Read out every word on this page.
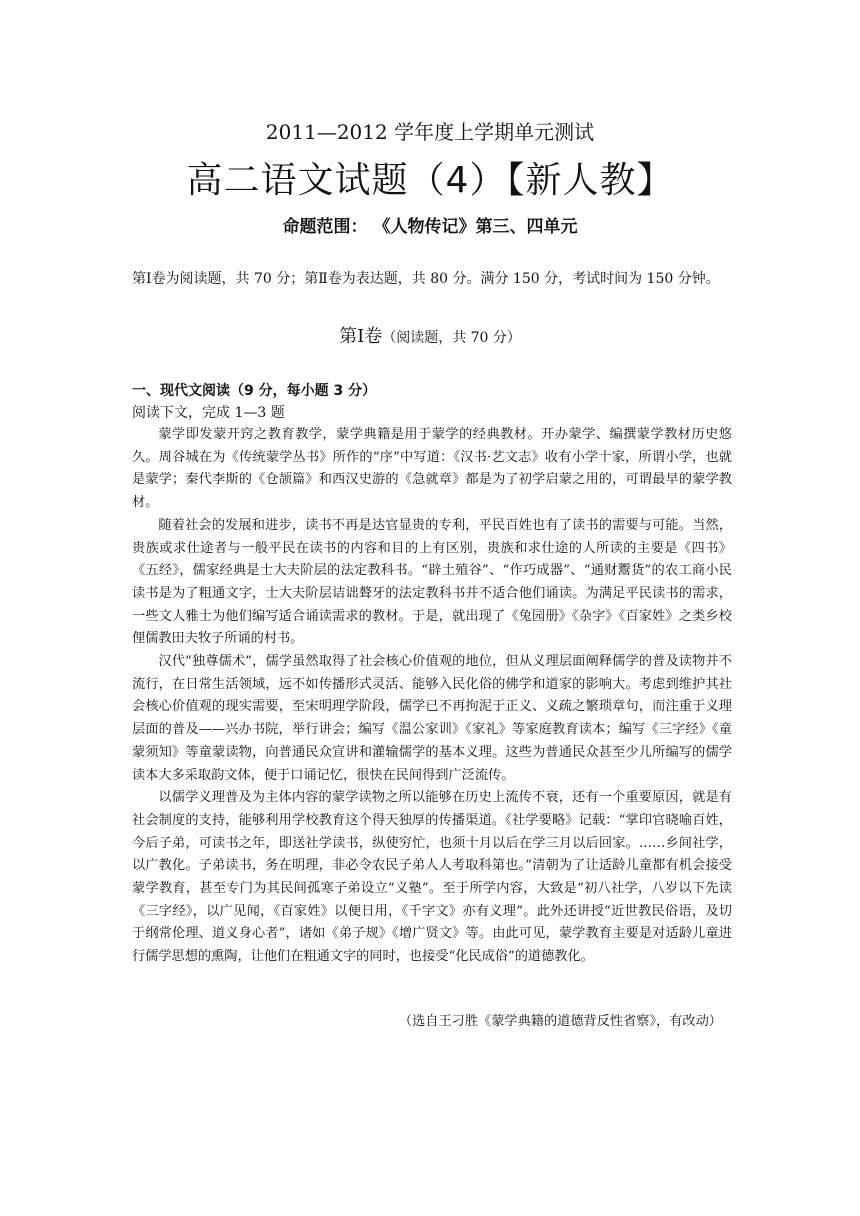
2011—2012 学年度上学期单元测试
高二语文试题（4）【新人教】
命题范围： 《人物传记》第三、四单元
第Ⅰ卷为阅读题，共 70 分；第Ⅱ卷为表达题，共 80 分。满分 150 分，考试时间为 150 分钟。
第Ⅰ卷（阅读题，共 70 分）
一、现代文阅读（9 分，每小题 3 分）
阅读下文，完成 1—3 题

蒙学即发蒙开窍之教育教学，蒙学典籍是用于蒙学的经典教材。开办蒙学、编撰蒙学教材历史悠久。周谷城在为《传统蒙学丛书》所作的“序”中写道：《汉书·艺文志》收有小学十家，所谓小学，也就是蒙学；秦代李斯的《仓颉篇》和西汉史游的《急就章》都是为了初学启蒙之用的，可谓最早的蒙学教材。

随着社会的发展和进步，读书不再是达官显贵的专利，平民百姓也有了读书的需要与可能。当然，贵族或求仕途者与一般平民在读书的内容和目的上有区别，贵族和求仕途的人所读的主要是《四书》《五经》，儒家经典是士大夫阶层的法定教科书。“辟土殖谷”、“作巧成器”、“通财鬻货”的农工商小民读书是为了粗通文字，士大夫阶层诘诎聱牙的法定教科书并不适合他们诵读。为满足平民读书的需求，一些文人雅士为他们编写适合诵读需求的教材。于是，就出现了《兔园册》《杂字》《百家姓》之类乡校俚儒教田夫牧子所诵的村书。

汉代“独尊儒术”，儒学虽然取得了社会核心价值观的地位，但从义理层面阐释儒学的普及读物并不流行，在日常生活领域，远不如传播形式灵活、能够入民化俗的佛学和道家的影响大。考虑到维护其社会核心价值观的现实需要，至宋明理学阶段，儒学已不再拘泥于正义、义疏之繁琐章句，而注重于义理层面的普及——兴办书院，举行讲会；编写《温公家训》《家礼》等家庭教育读本；编写《三字经》《童蒙须知》等童蒙读物，向普通民众宣讲和灌输儒学的基本义理。这些为普通民众甚至少儿所编写的儒学读本大多采取韵文体，便于口诵记忆，很快在民间得到广泛流传。

以儒学义理普及为主体内容的蒙学读物之所以能够在历史上流传不衰，还有一个重要原因，就是有社会制度的支持，能够利用学校教育这个得天独厚的传播渠道。《社学要略》记载：“掌印官晓喻百姓，今后子弟，可读书之年，即送社学读书，纵使穷忙，也须十月以后在学三月以后回家。……乡间社学，以广教化。子弟读书，务在明理，非必令农民子弟人人考取科第也。”清朝为了让适龄儿童都有机会接受蒙学教育，甚至专门为其民间孤寒子弟设立“义塾”。至于所学内容，大致是“初八社学，八岁以下先读《三字经》，以广见闻，《百家姓》以便日用，《千字文》亦有义理”。此外还讲授“近世教民俗语，及切于纲常伦理、道义身心者”，诸如《弟子规》《增广贤文》等。由此可见，蒙学教育主要是对适龄儿童进行儒学思想的熏陶，让他们在粗通文字的同时，也接受“化民成俗”的道德教化。

（选自王刁胜《蒙学典籍的道德背反性省察》，有改动）
